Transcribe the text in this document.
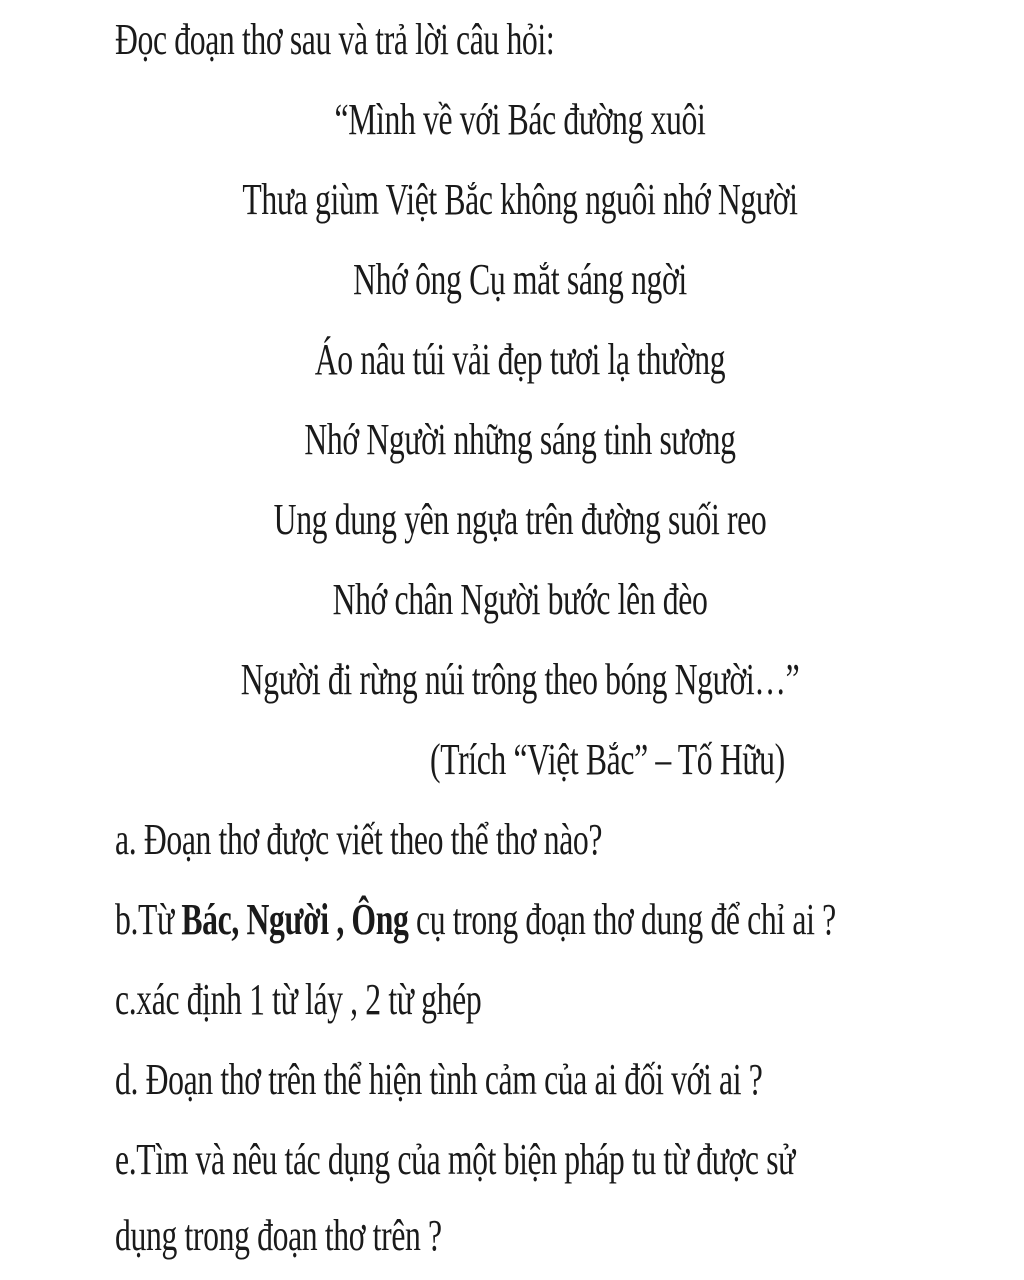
Đọc đoạn thơ sau và trả lời câu hỏi:
“Mình về với Bác đường xuôi
Thưa giùm Việt Bắc không nguôi nhớ Người
Nhớ ông Cụ mắt sáng ngời
Áo nâu túi vải đẹp tươi lạ thường
Nhớ Người những sáng tinh sương
Ung dung yên ngựa trên đường suối reo
Nhớ chân Người bước lên đèo
Người đi rừng núi trông theo bóng Người…”
(Trích “Việt Bắc” – Tố Hữu)
a. Đoạn thơ được viết theo thể thơ nào?
b.Từ Bác, Người , Ông cụ trong đoạn thơ dung để chỉ ai ?
c.xác định 1 từ láy , 2 từ ghép
d. Đoạn thơ trên thể hiện tình cảm của ai đối với ai ?
e.Tìm và nêu tác dụng của một biện pháp tu từ được sử
dụng trong đoạn thơ trên ?
